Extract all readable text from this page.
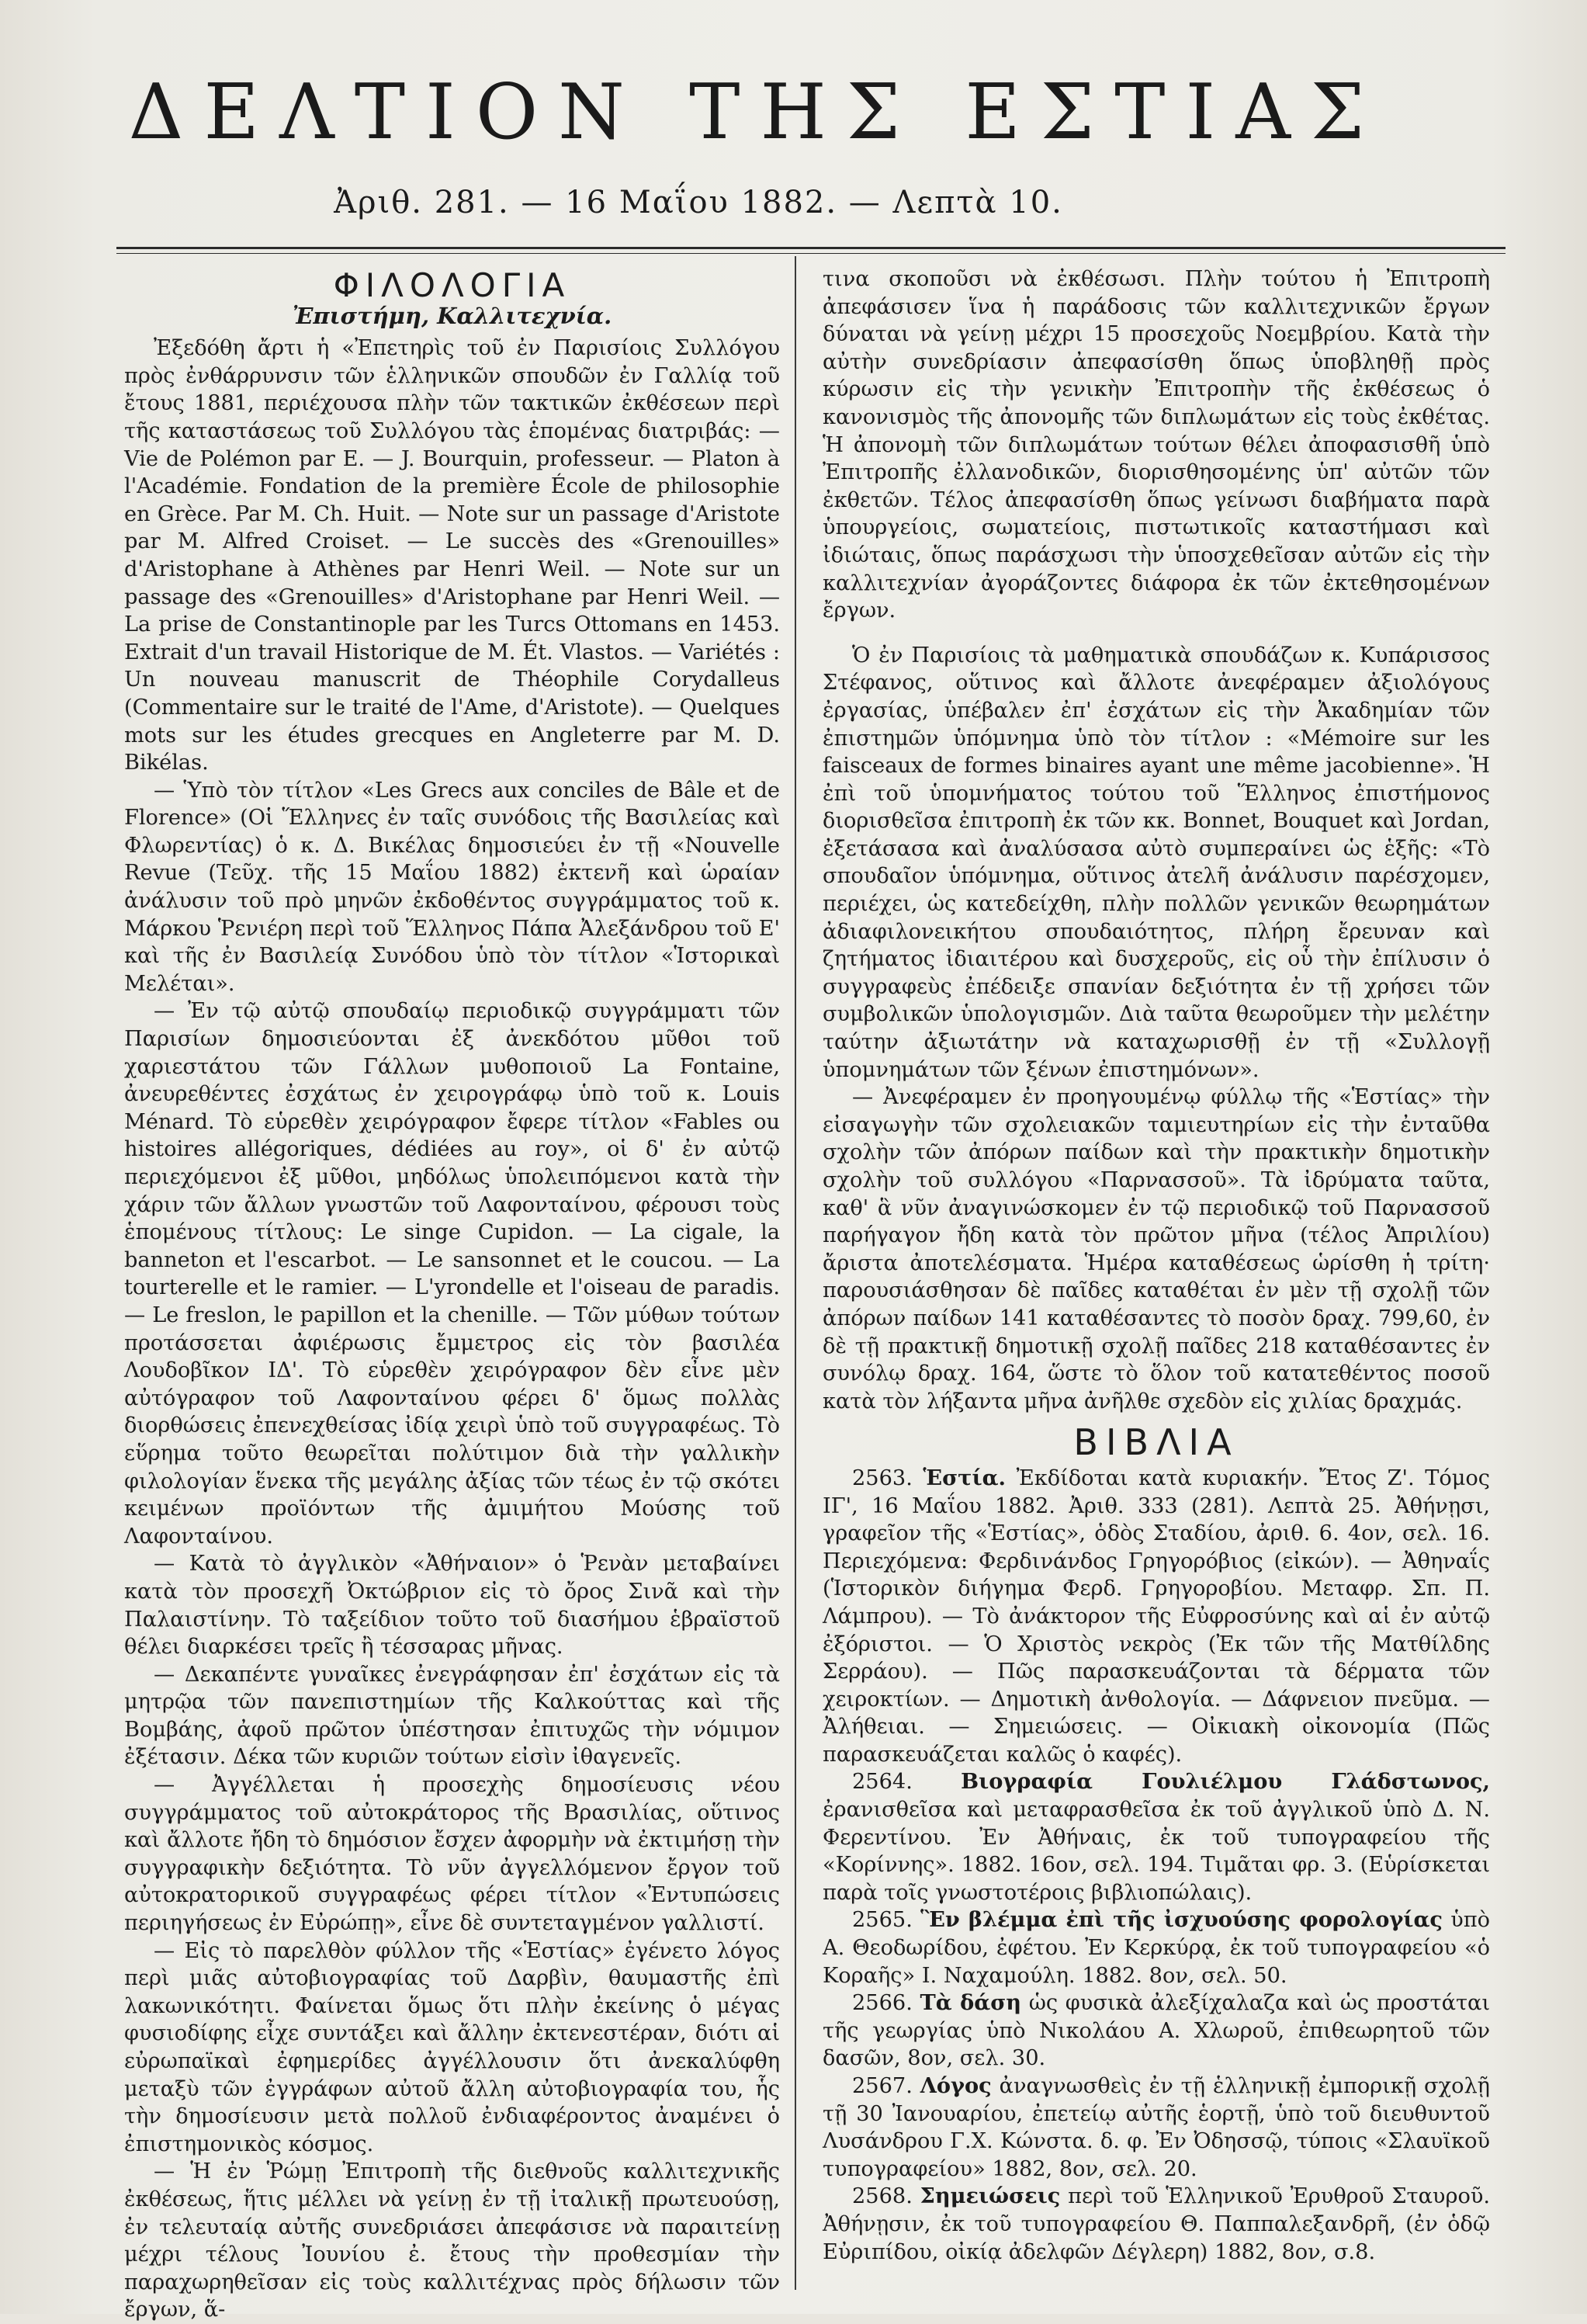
ΔΕΛΤΙΟΝ ΤΗΣ ΕΣΤΙΑΣ
Ἀριθ. 281. — 16 Μαΐου 1882. — Λεπτὰ 10.
ΦΙΛΟΛΟΓΙΑ
Ἐπιστήμη, Καλλιτεχνία.

Ἐξεδόθη ἄρτι ἡ «Ἐπετηρὶς τοῦ ἐν Παρισίοις Συλλόγου πρὸς ἐνθάρρυνσιν τῶν ἑλληνικῶν σπουδῶν ἐν Γαλλίᾳ τοῦ ἔτους 1881, περιέχουσα πλὴν τῶν τακτικῶν ἐκθέσεων περὶ τῆς καταστάσεως τοῦ Συλλόγου τὰς ἑπομένας διατριβάς: — Vie de Polémon par E. — J. Bourquin, professeur. — Platon à l'Académie. Fondation de la première École de philosophie en Grèce. Par M. Ch. Huit. — Note sur un passage d'Aristote par M. Alfred Croiset. — Le succès des «Grenouilles» d'Aristophane à Athènes par Henri Weil. — Note sur un passage des «Grenouilles» d'Aristophane par Henri Weil. — La prise de Constantinople par les Turcs Ottomans en 1453. Extrait d'un travail Historique de M. Ét. Vlastos. — Variétés : Un nouveau manuscrit de Théophile Corydalleus (Commentaire sur le traité de l'Ame, d'Aristote). — Quelques mots sur les études grecques en Angleterre par M. D. Bikélas.

— Ὑπὸ τὸν τίτλον «Les Grecs aux conciles de Bâle et de Florence» (Οἱ Ἕλληνες ἐν ταῖς συνόδοις τῆς Βασιλείας καὶ Φλωρεντίας) ὁ κ. Δ. Βικέλας δημοσιεύει ἐν τῇ «Nouvelle Revue (Τεῦχ. τῆς 15 Μαΐου 1882) ἐκτενῆ καὶ ὡραίαν ἀνάλυσιν τοῦ πρὸ μηνῶν ἐκδοθέντος συγγράμματος τοῦ κ. Μάρκου Ῥενιέρη περὶ τοῦ Ἕλληνος Πάπα Ἀλεξάνδρου τοῦ Ε' καὶ τῆς ἐν Βασιλείᾳ Συνόδου ὑπὸ τὸν τίτλον «Ἱστορικαὶ Μελέται».

— Ἐν τῷ αὐτῷ σπουδαίῳ περιοδικῷ συγγράμματι τῶν Παρισίων δημοσιεύονται ἐξ ἀνεκδότου μῦθοι τοῦ χαριεστάτου τῶν Γάλλων μυθοποιοῦ La Fontaine, ἀνευρεθέντες ἐσχάτως ἐν χειρογράφῳ ὑπὸ τοῦ κ. Louis Ménard. Τὸ εὑρεθὲν χειρόγραφον ἔφερε τίτλον «Fables ou histoires allégoriques, dédiées au roy», οἱ δ' ἐν αὐτῷ περιεχόμενοι ἐξ μῦθοι, μηδόλως ὑπολειπόμενοι κατὰ τὴν χάριν τῶν ἄλλων γνωστῶν τοῦ Λαφονταίνου, φέρουσι τοὺς ἑπομένους τίτλους: Le singe Cupidon. — La cigale, la banneton et l'escarbot. — Le sansonnet et le coucou. — La tourterelle et le ramier. — L'yrondelle et l'oiseau de paradis. — Le freslon, le papillon et la chenille. — Τῶν μύθων τούτων προτάσσεται ἀφιέρωσις ἔμμετρος εἰς τὸν βασιλέα Λουδοβῖκον ΙΔ'. Τὸ εὑρεθὲν χειρόγραφον δὲν εἶνε μὲν αὐτόγραφον τοῦ Λαφονταίνου φέρει δ' ὅμως πολλὰς διορθώσεις ἐπενεχθείσας ἰδίᾳ χειρὶ ὑπὸ τοῦ συγγραφέως. Τὸ εὕρημα τοῦτο θεωρεῖται πολύτιμον διὰ τὴν γαλλικὴν φιλολογίαν ἕνεκα τῆς μεγάλης ἀξίας τῶν τέως ἐν τῷ σκότει κειμένων προϊόντων τῆς ἀμιμήτου Μούσης τοῦ Λαφονταίνου.

— Κατὰ τὸ ἀγγλικὸν «Ἀθήναιον» ὁ Ῥενὰν μεταβαίνει κατὰ τὸν προσεχῆ Ὀκτώβριον εἰς τὸ ὄρος Σινᾶ καὶ τὴν Παλαιστίνην. Τὸ ταξείδιον τοῦτο τοῦ διασήμου ἑβραϊστοῦ θέλει διαρκέσει τρεῖς ἢ τέσσαρας μῆνας.

— Δεκαπέντε γυναῖκες ἐνεγράφησαν ἐπ' ἐσχάτων εἰς τὰ μητρῷα τῶν πανεπιστημίων τῆς Καλκούττας καὶ τῆς Βομβάης, ἀφοῦ πρῶτον ὑπέστησαν ἐπιτυχῶς τὴν νόμιμον ἐξέτασιν. Δέκα τῶν κυριῶν τούτων εἰσὶν ἰθαγενεῖς.

— Ἀγγέλλεται ἡ προσεχὴς δημοσίευσις νέου συγγράμματος τοῦ αὐτοκράτορος τῆς Βρασιλίας, οὕτινος καὶ ἄλλοτε ἤδη τὸ δημόσιον ἔσχεν ἀφορμὴν νὰ ἐκτιμήσῃ τὴν συγγραφικὴν δεξιότητα. Τὸ νῦν ἀγγελλόμενον ἔργον τοῦ αὐτοκρατορικοῦ συγγραφέως φέρει τίτλον «Ἐντυπώσεις περιηγήσεως ἐν Εὐρώπῃ», εἶνε δὲ συντεταγμένον γαλλιστί.

— Εἰς τὸ παρελθὸν φύλλον τῆς «Ἑστίας» ἐγένετο λόγος περὶ μιᾶς αὐτοβιογραφίας τοῦ Δαρβὶν, θαυμαστῆς ἐπὶ λακωνικότητι. Φαίνεται ὅμως ὅτι πλὴν ἐκείνης ὁ μέγας φυσιοδίφης εἶχε συντάξει καὶ ἄλλην ἐκτενεστέραν, διότι αἱ εὐρωπαϊκαὶ ἐφημερίδες ἀγγέλλουσιν ὅτι ἀνεκαλύφθη μεταξὺ τῶν ἐγγράφων αὐτοῦ ἄλλη αὐτοβιογραφία του, ἧς τὴν δημοσίευσιν μετὰ πολλοῦ ἐνδιαφέροντος ἀναμένει ὁ ἐπιστημονικὸς κόσμος.

— Ἡ ἐν Ῥώμῃ Ἐπιτροπὴ τῆς διεθνοῦς καλλιτεχνικῆς ἐκθέσεως, ἥτις μέλλει νὰ γείνῃ ἐν τῇ ἰταλικῇ πρωτευούσῃ, ἐν τελευταίᾳ αὐτῆς συνεδριάσει ἀπεφάσισε νὰ παραιτείνῃ μέχρι τέλους Ἰουνίου ἐ. ἔτους τὴν προθεσμίαν τὴν παραχωρηθεῖσαν εἰς τοὺς καλλιτέχνας πρὸς δήλωσιν τῶν ἔργων, ἅ-

τινα σκοποῦσι νὰ ἐκθέσωσι. Πλὴν τούτου ἡ Ἐπιτροπὴ ἀπεφάσισεν ἵνα ἡ παράδοσις τῶν καλλιτεχνικῶν ἔργων δύναται νὰ γείνῃ μέχρι 15 προσεχοῦς Νοεμβρίου. Κατὰ τὴν αὐτὴν συνεδρίασιν ἀπεφασίσθη ὅπως ὑποβληθῇ πρὸς κύρωσιν εἰς τὴν γενικὴν Ἐπιτροπὴν τῆς ἐκθέσεως ὁ κανονισμὸς τῆς ἀπονομῆς τῶν διπλωμάτων εἰς τοὺς ἐκθέτας. Ἡ ἀπονομὴ τῶν διπλωμάτων τούτων θέλει ἀποφασισθῆ ὑπὸ Ἐπιτροπῆς ἐλλανοδικῶν, διορισθησομένης ὑπ' αὐτῶν τῶν ἐκθετῶν. Τέλος ἀπεφασίσθη ὅπως γείνωσι διαβήματα παρὰ ὑπουργείοις, σωματείοις, πιστωτικοῖς καταστήμασι καὶ ἰδιώταις, ὅπως παράσχωσι τὴν ὑποσχεθεῖσαν αὐτῶν εἰς τὴν καλλιτεχνίαν ἀγοράζοντες διάφορα ἐκ τῶν ἐκτεθησομένων ἔργων.

Ὁ ἐν Παρισίοις τὰ μαθηματικὰ σπουδάζων κ. Κυπάρισσος Στέφανος, οὕτινος καὶ ἄλλοτε ἀνεφέραμεν ἀξιολόγους ἐργασίας, ὑπέβαλεν ἐπ' ἐσχάτων εἰς τὴν Ἀκαδημίαν τῶν ἐπιστημῶν ὑπόμνημα ὑπὸ τὸν τίτλον : «Mémoire sur les faisceaux de formes binaires ayant une même jacobienne». Ἡ ἐπὶ τοῦ ὑπομνήματος τούτου τοῦ Ἕλληνος ἐπιστήμονος διορισθεῖσα ἐπιτροπὴ ἐκ τῶν κκ. Bonnet, Bouquet καὶ Jordan, ἐξετάσασα καὶ ἀναλύσασα αὐτὸ συμπεραίνει ὡς ἑξῆς: «Τὸ σπουδαῖον ὑπόμνημα, οὕτινος ἀτελῆ ἀνάλυσιν παρέσχομεν, περιέχει, ὡς κατεδείχθη, πλὴν πολλῶν γενικῶν θεωρημάτων ἀδιαφιλονεικήτου σπουδαιότητος, πλήρη ἔρευναν καὶ ζητήματος ἰδιαιτέρου καὶ δυσχεροῦς, εἰς οὗ τὴν ἐπίλυσιν ὁ συγγραφεὺς ἐπέδειξε σπανίαν δεξιότητα ἐν τῇ χρήσει τῶν συμβολικῶν ὑπολογισμῶν. Διὰ ταῦτα θεωροῦμεν τὴν μελέτην ταύτην ἀξιωτάτην νὰ καταχωρισθῇ ἐν τῇ «Συλλογῇ ὑπομνημάτων τῶν ξένων ἐπιστημόνων».

— Ἀνεφέραμεν ἐν προηγουμένῳ φύλλῳ τῆς «Ἑστίας» τὴν εἰσαγωγὴν τῶν σχολειακῶν ταμιευτηρίων εἰς τὴν ἐνταῦθα σχολὴν τῶν ἀπόρων παίδων καὶ τὴν πρακτικὴν δημοτικὴν σχολὴν τοῦ συλλόγου «Παρνασσοῦ». Τὰ ἰδρύματα ταῦτα, καθ' ἃ νῦν ἀναγινώσκομεν ἐν τῷ περιοδικῷ τοῦ Παρνασσοῦ παρήγαγον ἤδη κατὰ τὸν πρῶτον μῆνα (τέλος Ἀπριλίου) ἄριστα ἀποτελέσματα. Ἡμέρα καταθέσεως ὡρίσθη ἡ τρίτη· παρουσιάσθησαν δὲ παῖδες καταθέται ἐν μὲν τῇ σχολῇ τῶν ἀπόρων παίδων 141 καταθέσαντες τὸ ποσὸν δραχ. 799,60, ἐν δὲ τῇ πρακτικῇ δημοτικῇ σχολῇ παῖδες 218 καταθέσαντες ἐν συνόλῳ δραχ. 164, ὥστε τὸ ὅλον τοῦ κατατεθέντος ποσοῦ κατὰ τὸν λήξαντα μῆνα ἀνῆλθε σχεδὸν εἰς χιλίας δραχμάς.

ΒΙΒΛΙΑ

2563. Ἑστία. Ἐκδίδοται κατὰ κυριακήν. Ἔτος Ζ'. Τόμος ΙΓ', 16 Μαΐου 1882. Ἀριθ. 333 (281). Λεπτὰ 25. Ἀθήνῃσι, γραφεῖον τῆς «Ἑστίας», ὁδὸς Σταδίου, ἀριθ. 6. 4ον, σελ. 16. Περιεχόμενα: Φερδινάνδος Γρηγορόβιος (εἰκών). — Ἀθηναΐς (Ἱστορικὸν διήγημα Φερδ. Γρηγοροβίου. Μεταφρ. Σπ. Π. Λάμπρου). — Τὸ ἀνάκτορον τῆς Εὐφροσύνης καὶ αἱ ἐν αὐτῷ ἐξόριστοι. — Ὁ Χριστὸς νεκρὸς (Ἐκ τῶν τῆς Ματθίλδης Σερράου). — Πῶς παρασκευάζονται τὰ δέρματα τῶν χειροκτίων. — Δημοτικὴ ἀνθολογία. — Δάφνειον πνεῦμα. — Ἀλήθειαι. — Σημειώσεις. — Οἰκιακὴ οἰκονομία (Πῶς παρασκευάζεται καλῶς ὁ καφές).

2564. Βιογραφία Γουλιέλμου Γλάδστωνος, ἐρανισθεῖσα καὶ μεταφρασθεῖσα ἐκ τοῦ ἀγγλικοῦ ὑπὸ Δ. Ν. Φερεντίνου. Ἐν Ἀθήναις, ἐκ τοῦ τυπογραφείου τῆς «Κορίννης». 1882. 16ον, σελ. 194. Τιμᾶται φρ. 3. (Εὑρίσκεται παρὰ τοῖς γνωστοτέροις βιβλιοπώλαις).

2565. Ἓν βλέμμα ἐπὶ τῆς ἰσχυούσης φορολογίας ὑπὸ Α. Θεοδωρίδου, ἐφέτου. Ἐν Κερκύρᾳ, ἐκ τοῦ τυπογραφείου «ὁ Κοραῆς» Ι. Ναχαμούλη. 1882. 8ον, σελ. 50.

2566. Τὰ δάση ὡς φυσικὰ ἀλεξίχαλαζα καὶ ὡς προστάται τῆς γεωργίας ὑπὸ Νικολάου Α. Χλωροῦ, ἐπιθεωρητοῦ τῶν δασῶν, 8ον, σελ. 30.

2567. Λόγος ἀναγνωσθεὶς ἐν τῇ ἑλληνικῇ ἐμπορικῇ σχολῇ τῇ 30 Ἰανουαρίου, ἐπετείῳ αὐτῆς ἑορτῇ, ὑπὸ τοῦ διευθυντοῦ Λυσάνδρου Γ.Χ. Κώνστα. δ. φ. Ἐν Ὀδησσῷ, τύποις «Σλαυϊκοῦ τυπογραφείου» 1882, 8ον, σελ. 20.

2568. Σημειώσεις περὶ τοῦ Ἑλληνικοῦ Ἐρυθροῦ Σταυροῦ. Ἀθήνῃσιν, ἐκ τοῦ τυπογραφείου Θ. Παππαλεξανδρῆ, (ἐν ὁδῷ Εὐριπίδου, οἰκίᾳ ἀδελφῶν Δέγλερη) 1882, 8ον, σ.8.
